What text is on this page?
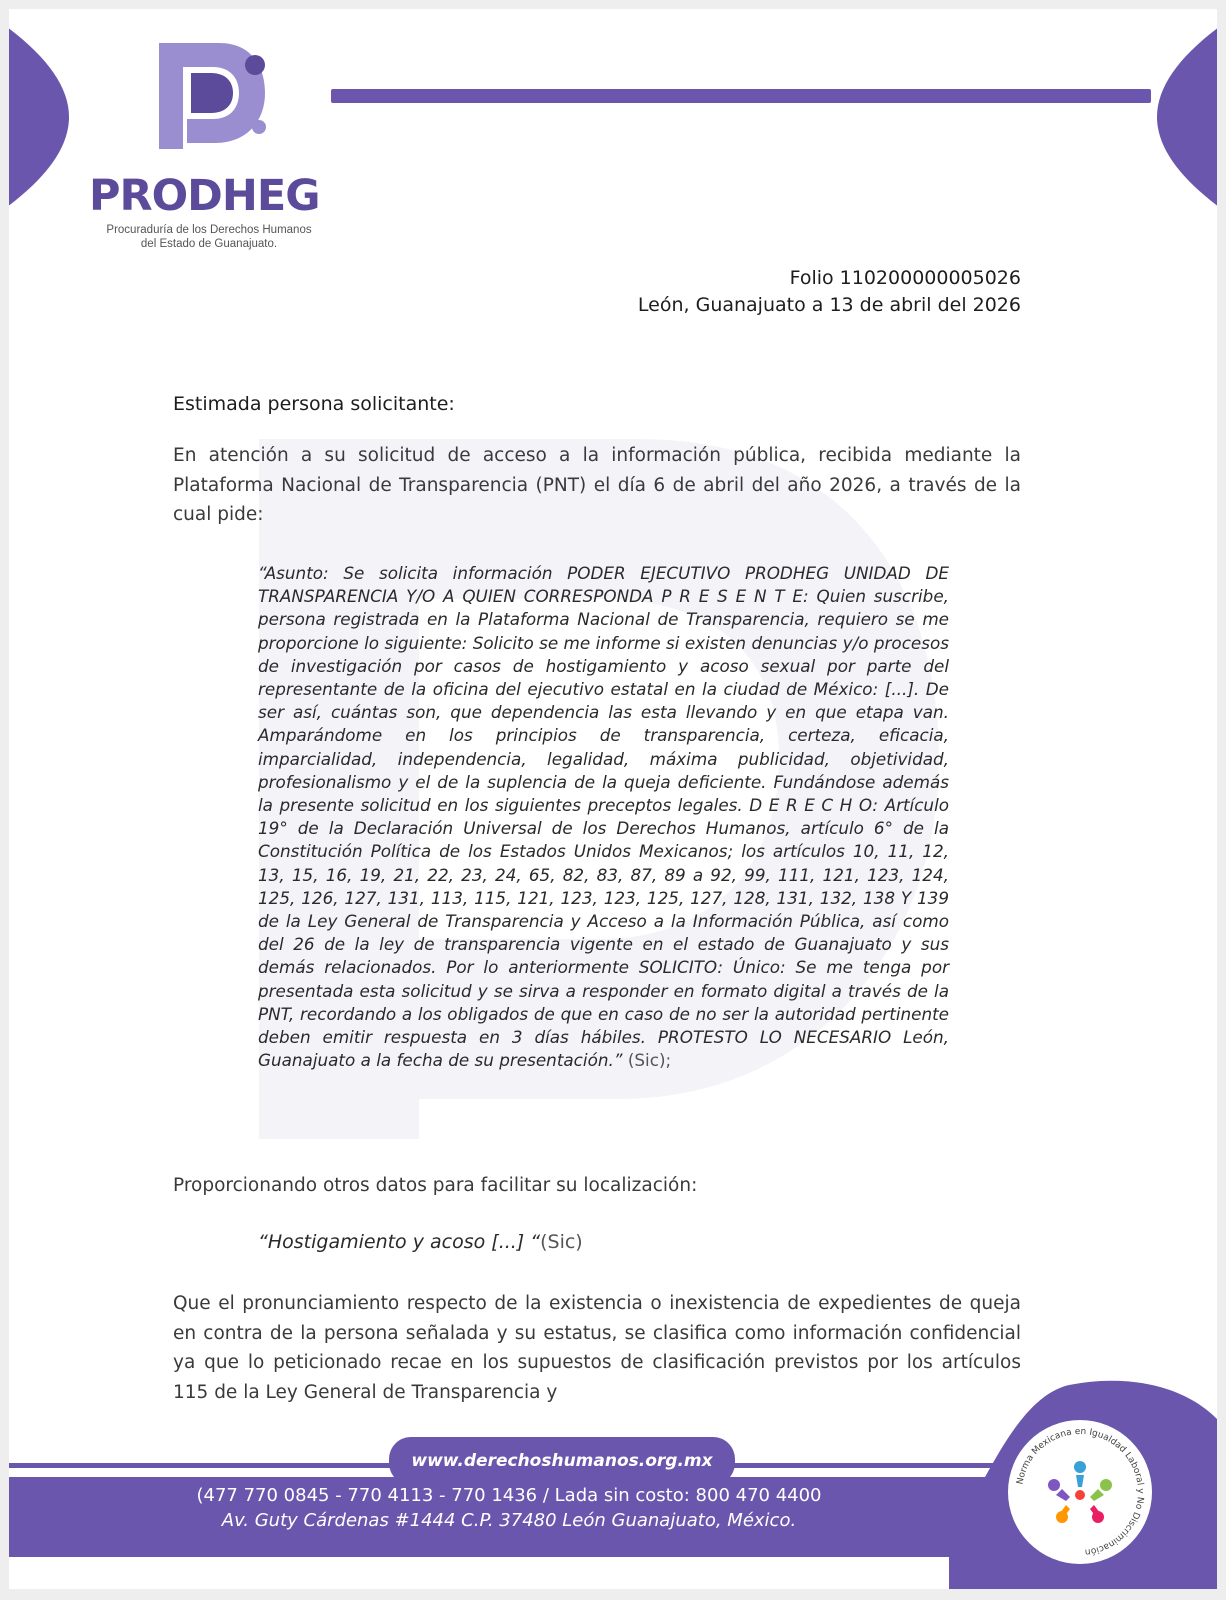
PRODHEG
Procuraduría de los Derechos Humanos
del Estado de Guanajuato.
Folio 110200000005026
León, Guanajuato a 13 de abril del 2026

Estimada persona solicitante:

En atención a su solicitud de acceso a la información pública, recibida mediante la Plataforma Nacional de Transparencia (PNT) el día 6 de abril del año 2026, a través de la cual pide:

“Asunto: Se solicita información PODER EJECUTIVO PRODHEG UNIDAD DE TRANSPARENCIA Y/O A QUIEN CORRESPONDA P R E S E N T E: Quien suscribe, persona registrada en la Plataforma Nacional de Transparencia, requiero se me proporcione lo siguiente: Solicito se me informe si existen denuncias y/o procesos de investigación por casos de hostigamiento y acoso sexual por parte del representante de la oficina del ejecutivo estatal en la ciudad de México: [...]. De ser así, cuántas son, que dependencia las esta llevando y en que etapa van. Amparándome en los principios de transparencia, certeza, eficacia, imparcialidad, independencia, legalidad, máxima publicidad, objetividad, profesionalismo y el de la suplencia de la queja deficiente. Fundándose además la presente solicitud en los siguientes preceptos legales. D E R E C H O: Artículo 19° de la Declaración Universal de los Derechos Humanos, artículo 6° de la Constitución Política de los Estados Unidos Mexicanos; los artículos 10, 11, 12, 13, 15, 16, 19, 21, 22, 23, 24, 65, 82, 83, 87, 89 a 92, 99, 111, 121, 123, 124, 125, 126, 127, 131, 113, 115, 121, 123, 123, 125, 127, 128, 131, 132, 138 Y 139 de la Ley General de Transparencia y Acceso a la Información Pública, así como del 26 de la ley de transparencia vigente en el estado de Guanajuato y sus demás relacionados. Por lo anteriormente SOLICITO: Único: Se me tenga por presentada esta solicitud y se sirva a responder en formato digital a través de la PNT, recordando a los obligados de que en caso de no ser la autoridad pertinente deben emitir respuesta en 3 días hábiles. PROTESTO LO NECESARIO León, Guanajuato a la fecha de su presentación.” (Sic);

Proporcionando otros datos para facilitar su localización:

“Hostigamiento y acoso [...] “(Sic)

Que el pronunciamiento respecto de la existencia o inexistencia de expedientes de queja en contra de la persona señalada y su estatus, se clasifica como información confidencial ya que lo peticionado recae en los supuestos de clasificación previstos por los artículos 115 de la Ley General de Transparencia y

www.derechoshumanos.org.mx
(477 770 0845 - 770 4113 - 770 1436 / Lada sin costo: 800 470 4400
Av. Guty Cárdenas #1444 C.P. 37480 León Guanajuato, México.
Norma Mexicana en Igualdad Laboral y No Discriminación
